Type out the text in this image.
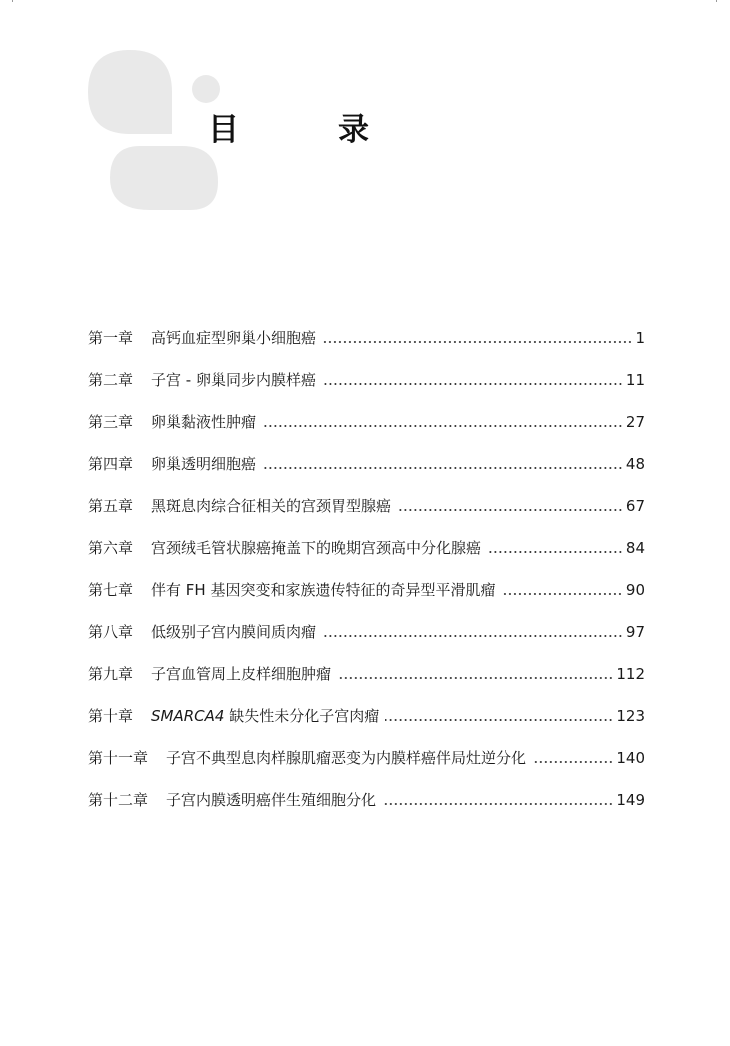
目　录
第一章 高钙血症型卵巢小细胞癌	1
第二章 子宫 - 卵巢同步内膜样癌	11
第三章 卵巢黏液性肿瘤	27
第四章 卵巢透明细胞癌	48
第五章 黑斑息肉综合征相关的宫颈胃型腺癌	67
第六章 宫颈绒毛管状腺癌掩盖下的晚期宫颈高中分化腺癌	84
第七章 伴有 FH 基因突变和家族遗传特征的奇异型平滑肌瘤	90
第八章 低级别子宫内膜间质肉瘤	97
第九章 子宫血管周上皮样细胞肿瘤	112
第十章 SMARCA4 缺失性未分化子宫肉瘤	123
第十一章 子宫不典型息肉样腺肌瘤恶变为内膜样癌伴局灶逆分化	140
第十二章 子宫内膜透明癌伴生殖细胞分化	149
